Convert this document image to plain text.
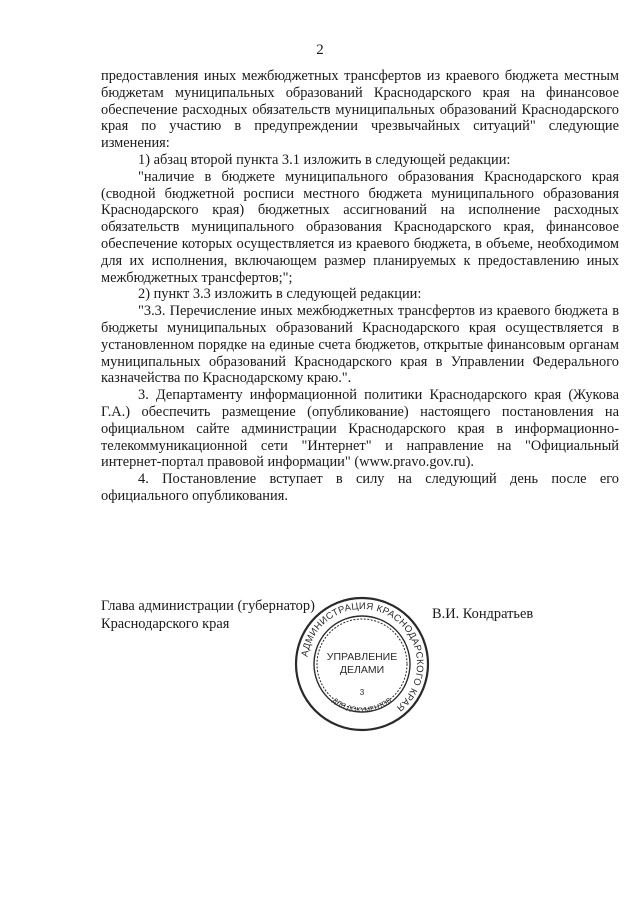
2

предоставления иных межбюджетных трансфертов из краевого бюджета местным бюджетам муниципальных образований Краснодарского края на финансовое обеспечение расходных обязательств муниципальных образований Краснодарского края по участию в предупреждении чрезвычайных ситуаций" следующие изменения:

1) абзац второй пункта 3.1 изложить в следующей редакции:

"наличие в бюджете муниципального образования Краснодарского края (сводной бюджетной росписи местного бюджета муниципального образования Краснодарского края) бюджетных ассигнований на исполнение расходных обязательств муниципального образования Краснодарского края, финансовое обеспечение которых осуществляется из краевого бюджета, в объеме, необходимом для их исполнения, включающем размер планируемых к предоставлению иных межбюджетных трансфертов;";

2) пункт 3.3 изложить в следующей редакции:

"3.3. Перечисление иных межбюджетных трансфертов из краевого бюджета в бюджеты муниципальных образований Краснодарского края осуществляется в установленном порядке на единые счета бюджетов, открытые финансовым органам муниципальных образований Краснодарского края в Управлении Федерального казначейства по Краснодарскому краю.".

3. Департаменту информационной политики Краснодарского края (Жукова Г.А.) обеспечить размещение (опубликование) настоящего постановления на официальном сайте администрации Краснодарского края в информационно-телекоммуникационной сети "Интернет" и направление на "Официальный интернет-портал правовой информации" (www.pravo.gov.ru).

4. Постановление вступает в силу на следующий день после его официального опубликования.

Глава администрации (губернатор)
Краснодарского края
В.И. Кондратьев
АДМИНИСТРАЦИЯ КРАСНОДАРСКОГО КРАЯ
УПРАВЛЕНИЕ
ДЕЛАМИ
3
ДЛЯ ДОКУМЕНТОВ
